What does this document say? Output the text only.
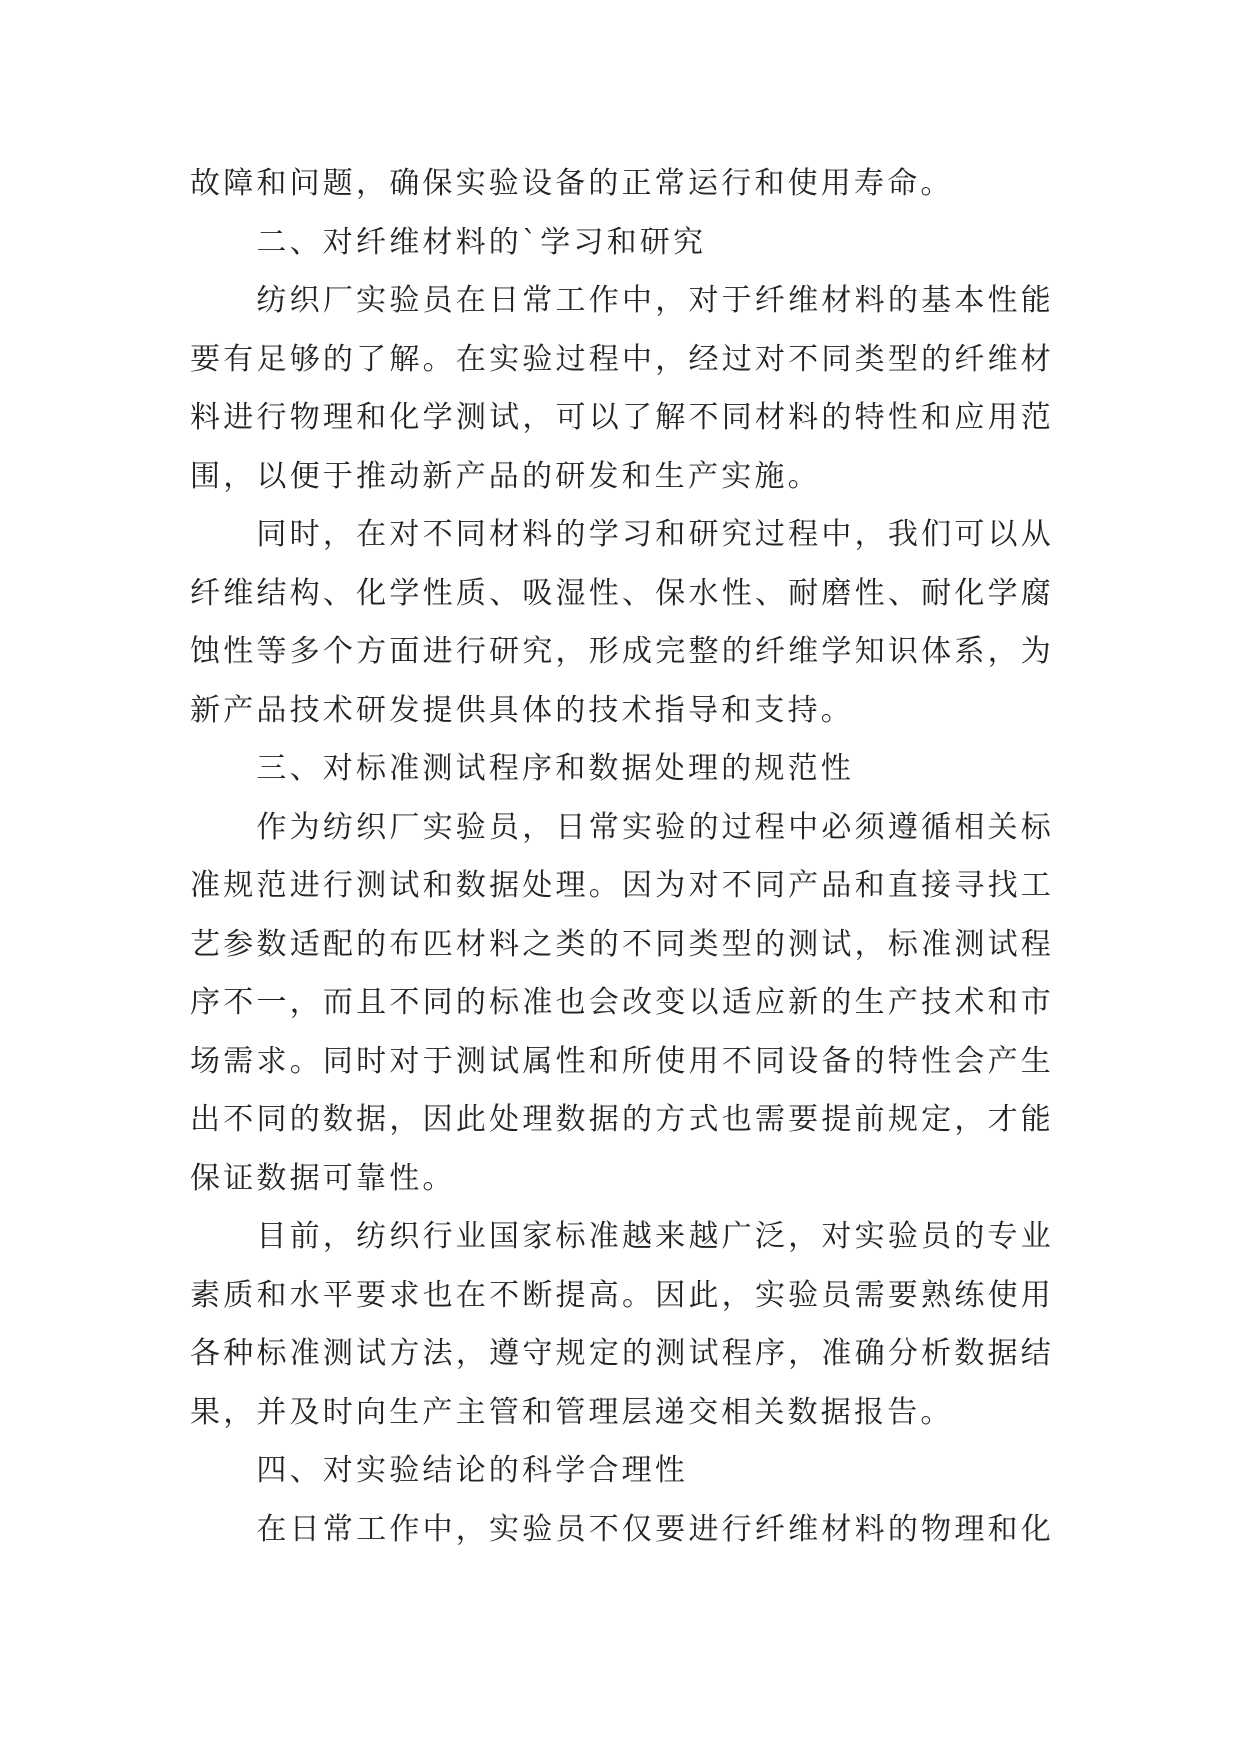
故障和问题，确保实验设备的正常运行和使用寿命。
二、对纤维材料的`学习和研究
纺织厂实验员在日常工作中，对于纤维材料的基本性能
要有足够的了解。在实验过程中，经过对不同类型的纤维材
料进行物理和化学测试，可以了解不同材料的特性和应用范
围，以便于推动新产品的研发和生产实施。
同时，在对不同材料的学习和研究过程中，我们可以从
纤维结构、化学性质、吸湿性、保水性、耐磨性、耐化学腐
蚀性等多个方面进行研究，形成完整的纤维学知识体系，为
新产品技术研发提供具体的技术指导和支持。
三、对标准测试程序和数据处理的规范性
作为纺织厂实验员，日常实验的过程中必须遵循相关标
准规范进行测试和数据处理。因为对不同产品和直接寻找工
艺参数适配的布匹材料之类的不同类型的测试，标准测试程
序不一，而且不同的标准也会改变以适应新的生产技术和市
场需求。同时对于测试属性和所使用不同设备的特性会产生
出不同的数据，因此处理数据的方式也需要提前规定，才能
保证数据可靠性。
目前，纺织行业国家标准越来越广泛，对实验员的专业
素质和水平要求也在不断提高。因此，实验员需要熟练使用
各种标准测试方法，遵守规定的测试程序，准确分析数据结
果，并及时向生产主管和管理层递交相关数据报告。
四、对实验结论的科学合理性
在日常工作中，实验员不仅要进行纤维材料的物理和化
